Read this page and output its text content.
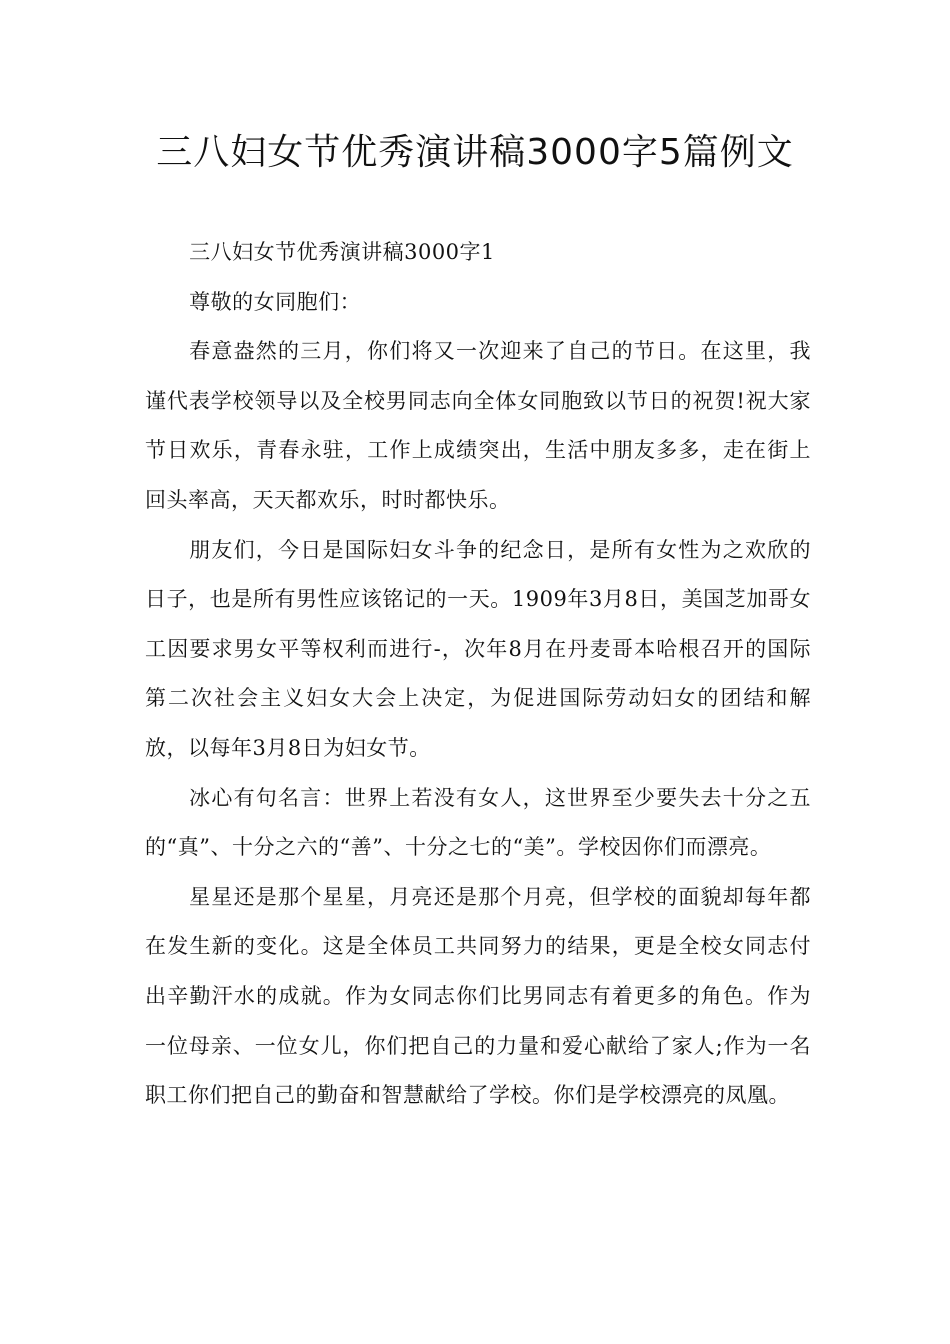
三八妇女节优秀演讲稿3000字5篇例文

三八妇女节优秀演讲稿3000字1

尊敬的女同胞们：

春意盎然的三月，你们将又一次迎来了自己的节日。在这里，我谨代表学校领导以及全校男同志向全体女同胞致以节日的祝贺!祝大家节日欢乐，青春永驻，工作上成绩突出，生活中朋友多多，走在街上回头率高，天天都欢乐，时时都快乐。

朋友们，今日是国际妇女斗争的纪念日，是所有女性为之欢欣的日子，也是所有男性应该铭记的一天。1909年3月8日，美国芝加哥女工因要求男女平等权利而进行-，次年8月在丹麦哥本哈根召开的国际第二次社会主义妇女大会上决定，为促进国际劳动妇女的团结和解放，以每年3月8日为妇女节。

冰心有句名言：世界上若没有女人，这世界至少要失去十分之五的“真”、十分之六的“善”、十分之七的“美”。学校因你们而漂亮。

星星还是那个星星，月亮还是那个月亮，但学校的面貌却每年都在发生新的变化。这是全体员工共同努力的结果，更是全校女同志付出辛勤汗水的成就。作为女同志你们比男同志有着更多的角色。作为一位母亲、一位女儿，你们把自己的力量和爱心献给了家人;作为一名职工你们把自己的勤奋和智慧献给了学校。你们是学校漂亮的凤凰。
